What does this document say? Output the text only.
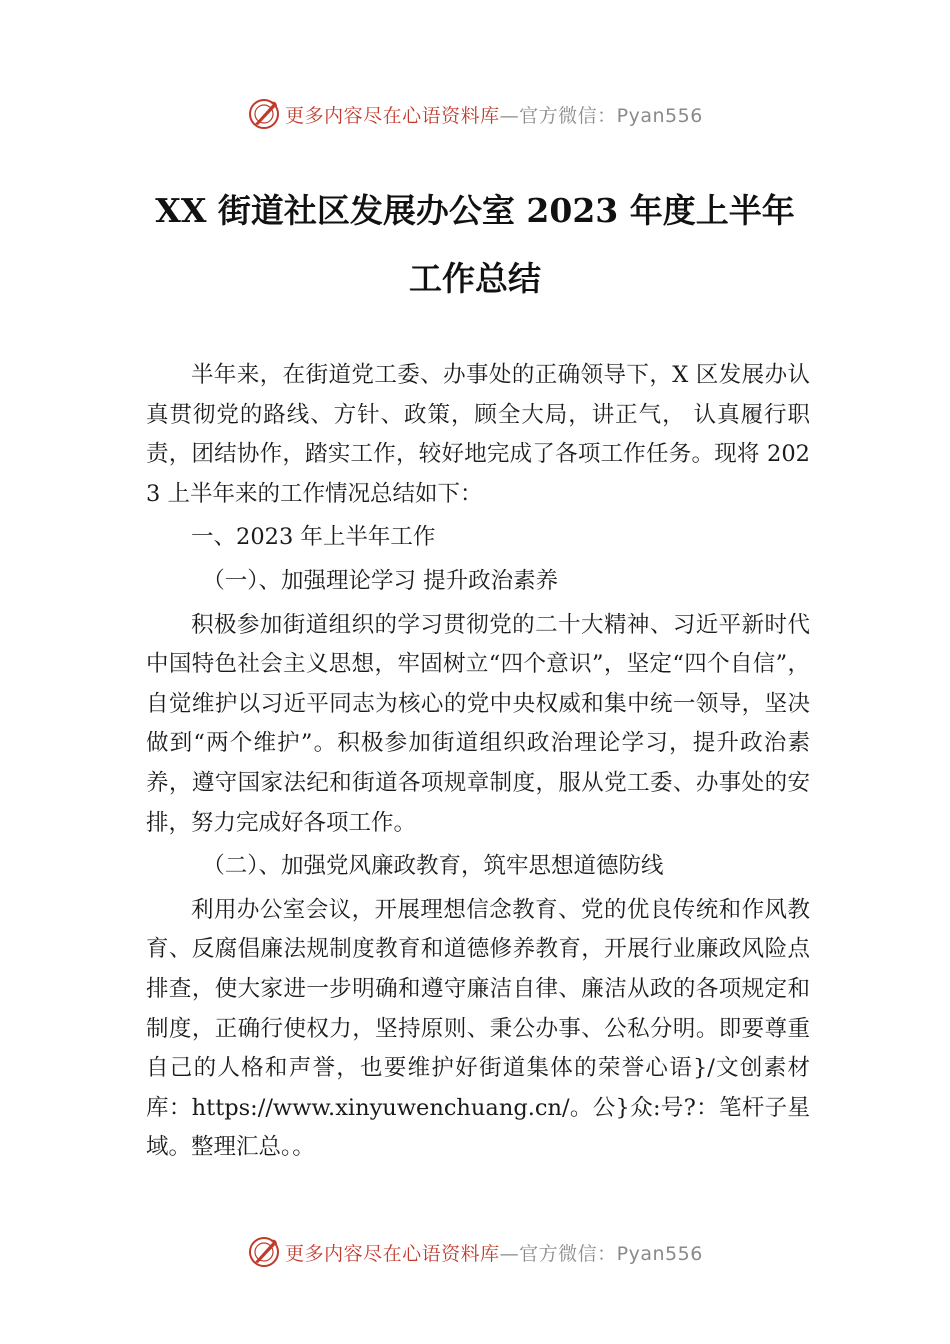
更多内容尽在心语资料库—官方微信：Pyan556
XX 街道社区发展办公室 2023 年度上半年
工作总结

半年来，在街道党工委、办事处的正确领导下，X 区发展办认真贯彻党的路线、方针、政策，顾全大局，讲正气， 认真履行职责，团结协作，踏实工作，较好地完成了各项工作任务。现将 2023 上半年来的工作情况总结如下：

一、2023 年上半年工作

（一）、加强理论学习 提升政治素养

积极参加街道组织的学习贯彻党的二十大精神、习近平新时代中国特色社会主义思想，牢固树立“四个意识”，坚定“四个自信”，自觉维护以习近平同志为核心的党中央权威和集中统一领导，坚决做到“两个维护”。积极参加街道组织政治理论学习，提升政治素养，遵守国家法纪和街道各项规章制度，服从党工委、办事处的安排，努力完成好各项工作。

（二）、加强党风廉政教育，筑牢思想道德防线

利用办公室会议，开展理想信念教育、党的优良传统和作风教育、反腐倡廉法规制度教育和道德修养教育，开展行业廉政风险点排查，使大家进一步明确和遵守廉洁自律、廉洁从政的各项规定和制度，正确行使权力，坚持原则、秉公办事、公私分明。即要尊重自己的人格和声誉，也要维护好街道集体的荣誉心语}/文创素材库：https://www.xinyuwenchuang.cn/。公}众:号?：笔杆子星域。整理汇总。。

更多内容尽在心语资料库—官方微信：Pyan556
